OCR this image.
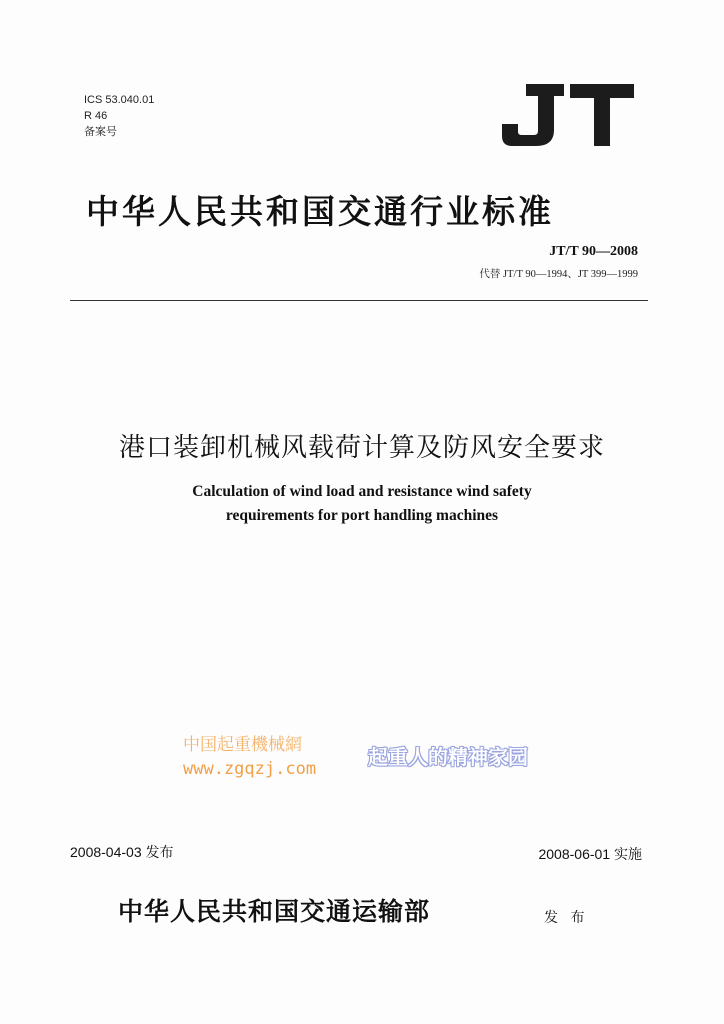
ICS 53.040.01
R 46
备案号
中华人民共和国交通行业标准
JT/T 90—2008
代替 JT/T 90—1994、JT 399—1999
港口装卸机械风载荷计算及防风安全要求
Calculation of wind load and resistance wind safety
requirements for port handling machines
中国起重機械網
www.zgqzj.com	起重人的精神家园
2008-04-03 发布	2008-06-01 实施
中华人民共和国交通运输部	发 布
